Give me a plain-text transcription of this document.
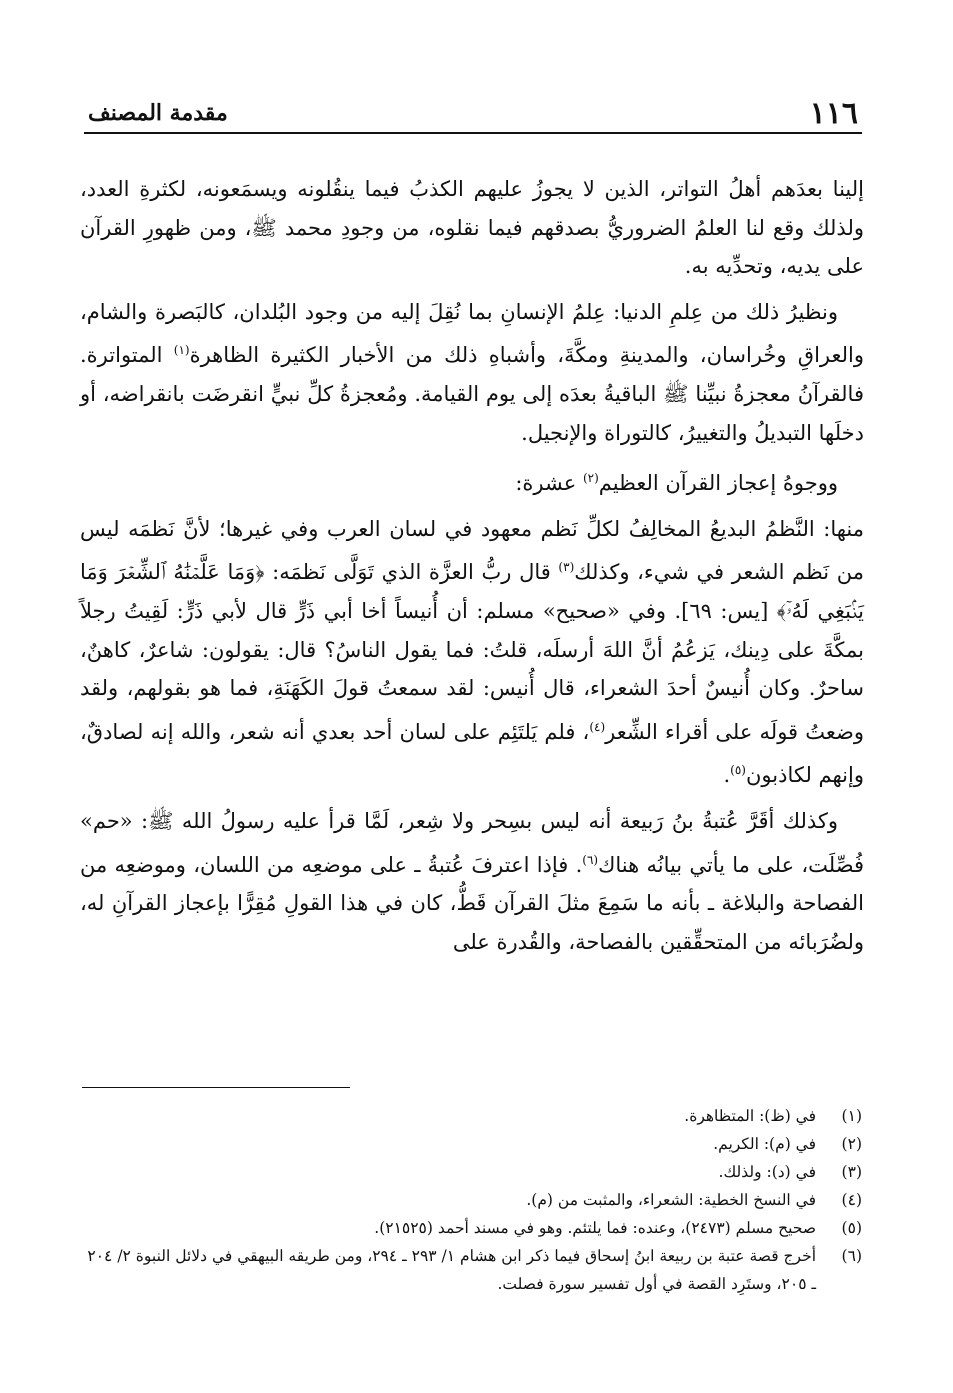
١١٦
مقدمة المصنف

إلينا بعدَهم أهلُ التواتر، الذين لا يجوزُ عليهم الكذبُ فيما ينقُلونه ويسمَعونه، لكثرةِ العدد، ولذلك وقع لنا العلمُ الضروريُّ بصدقهم فيما نقلوه، من وجودِ محمد ﷺ، ومن ظهورِ القرآن على يديه، وتحدِّيه به.

ونظيرُ ذلك من عِلمِ الدنيا: عِلمُ الإنسانِ بما نُقِلَ إليه من وجود البُلدان، كالبَصرة والشام، والعراقِ وخُراسان، والمدينةِ ومكَّةَ، وأشباهِ ذلك من الأخبار الكثيرة الظاهرة$^{(١)}$ المتواترة. فالقرآنُ معجزةُ نبيِّنا ﷺ الباقيةُ بعدَه إلى يوم القيامة. ومُعجزةُ كلِّ نبيٍّ انقرضَت بانقراضه، أو دخلَها التبديلُ والتغييرُ، كالتوراة والإنجيل.

ووجوهُ إعجاز القرآن العظيم$^{(٢)}$ عشرة:

منها: النَّظمُ البديعُ المخالِفُ لكلِّ نَظم معهود في لسان العرب وفي غيرها؛ لأنَّ نَظمَه ليس من نَظم الشعر في شيء، وكذلك$^{(٣)}$ قال ربُّ العزَّة الذي تَوَلَّى نَظمَه: ﴿وَمَا عَلَّمۡنَٰهُ ٱلشِّعۡرَ وَمَا يَنۢبَغِي لَهُۥٓ﴾ [يس: ٦٩]. وفي «صحيح» مسلم: أن أُنيساً أخا أبي ذَرٍّ قال لأبي ذَرٍّ: لَقِيتُ رجلاً بمكَّةَ على دِينك، يَزعُمُ أنَّ اللهَ أرسلَه، قلتُ: فما يقول الناسُ؟ قال: يقولون: شاعرٌ، كاهنٌ، ساحرٌ. وكان أُنيسٌ أحدَ الشعراء، قال أُنيس: لقد سمعتُ قولَ الكَهَنَةِ، فما هو بقولهم، ولقد وضعتُ قولَه على أقراء الشِّعر$^{(٤)}$، فلم يَلتَئِم على لسان أحد بعدي أنه شعر، والله إنه لصادقٌ، وإنهم لكاذبون$^{(٥)}$.

وكذلك أقَرَّ عُتبةُ بنُ رَبيعة أنه ليس بسِحر ولا شِعر، لَمَّا قرأ عليه رسولُ الله ﷺ: «حم» فُصِّلَت، على ما يأتي بيانُه هناك$^{(٦)}$. فإذا اعترفَ عُتبةُ ـ على موضعِه من اللسان، وموضعِه من الفصاحة والبلاغة ـ بأنه ما سَمِعَ مثلَ القرآن قَطُّ، كان في هذا القولِ مُقِرًّا بإعجاز القرآنِ له، ولضُرَبائه من المتحقِّقين بالفصاحة، والقُدرة على

(١)
في (ظ): المتظاهرة.
(٢)
في (م): الكريم.
(٣)
في (د): ولذلك.
(٤)
في النسخ الخطية: الشعراء، والمثبت من (م).
(٥)
صحيح مسلم (٢٤٧٣)، وعنده: فما يلتئم. وهو في مسند أحمد (٢١٥٢٥).
(٦)
أخرج قصة عتبة بن ربيعة ابنُ إسحاق فيما ذكر ابن هشام ١/ ٢٩٣ ـ ٢٩٤، ومن طريقه البيهقي في دلائل النبوة ٢/ ٢٠٤ ـ ٢٠٥، وستَرِد القصة في أول تفسير سورة فصلت.
